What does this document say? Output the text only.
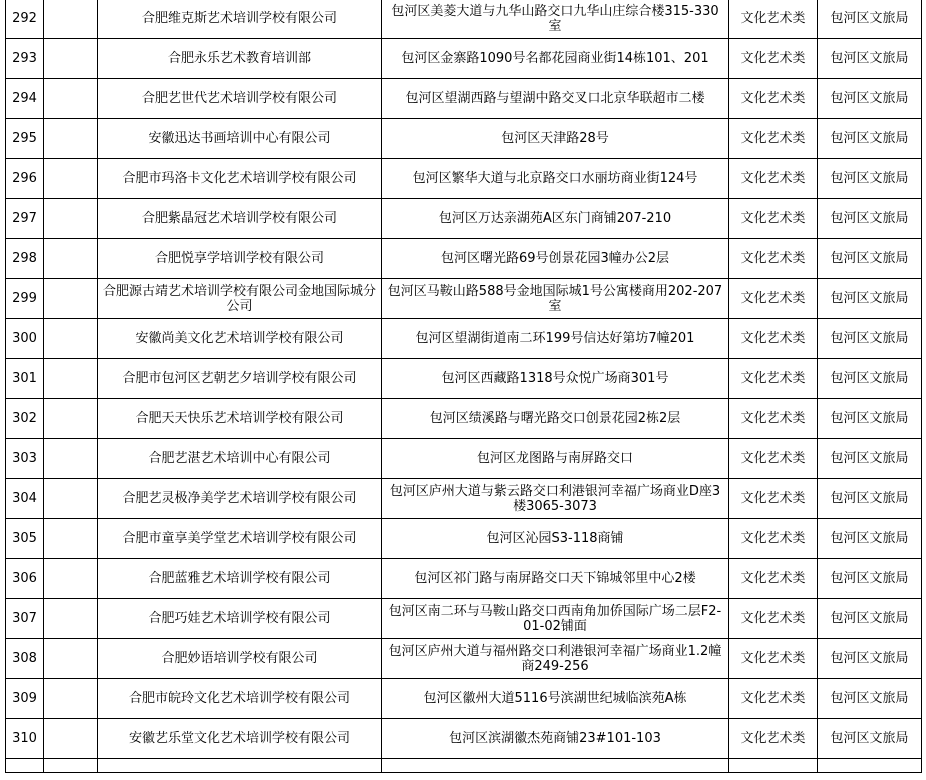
292		合肥维克斯艺术培训学校有限公司	包河区美菱大道与九华山路交口九华山庄综合楼315-330室	文化艺术类	包河区文旅局
293		合肥永乐艺术教育培训部	包河区金寨路1090号名都花园商业街14栋101、201	文化艺术类	包河区文旅局
294		合肥艺世代艺术培训学校有限公司	包河区望湖西路与望湖中路交叉口北京华联超市二楼	文化艺术类	包河区文旅局
295		安徽迅达书画培训中心有限公司	包河区天津路28号	文化艺术类	包河区文旅局
296		合肥市玛洛卡文化艺术培训学校有限公司	包河区繁华大道与北京路交口水丽坊商业街124号	文化艺术类	包河区文旅局
297		合肥紫晶冠艺术培训学校有限公司	包河区万达亲湖苑A区东门商铺207-210	文化艺术类	包河区文旅局
298		合肥悦享学培训学校有限公司	包河区曙光路69号创景花园3幢办公2层	文化艺术类	包河区文旅局
299		合肥源古靖艺术培训学校有限公司金地国际城分公司	包河区马鞍山路588号金地国际城1号公寓楼商用202-207室	文化艺术类	包河区文旅局
300		安徽尚美文化艺术培训学校有限公司	包河区望湖街道南二环199号信达好第坊7幢201	文化艺术类	包河区文旅局
301		合肥市包河区艺朝艺夕培训学校有限公司	包河区西藏路1318号众悦广场商301号	文化艺术类	包河区文旅局
302		合肥天天快乐艺术培训学校有限公司	包河区绩溪路与曙光路交口创景花园2栋2层	文化艺术类	包河区文旅局
303		合肥艺湛艺术培训中心有限公司	包河区龙图路与南屏路交口	文化艺术类	包河区文旅局
304		合肥艺灵极净美学艺术培训学校有限公司	包河区庐州大道与紫云路交口利港银河幸福广场商业D座3楼3065-3073	文化艺术类	包河区文旅局
305		合肥市童享美学堂艺术培训学校有限公司	包河区沁园S3-118商铺	文化艺术类	包河区文旅局
306		合肥蓝雅艺术培训学校有限公司	包河区祁门路与南屏路交口天下锦城邻里中心2楼	文化艺术类	包河区文旅局
307		合肥巧娃艺术培训学校有限公司	包河区南二环与马鞍山路交口西南角加侨国际广场二层F2-01-02铺面	文化艺术类	包河区文旅局
308		合肥妙语培训学校有限公司	包河区庐州大道与福州路交口利港银河幸福广场商业1.2幢 商249-256	文化艺术类	包河区文旅局
309		合肥市皖玲文化艺术培训学校有限公司	包河区徽州大道5116号滨湖世纪城临滨苑A栋	文化艺术类	包河区文旅局
310		安徽艺乐堂文化艺术培训学校有限公司	包河区滨湖徽杰苑商铺23#101-103	文化艺术类	包河区文旅局
